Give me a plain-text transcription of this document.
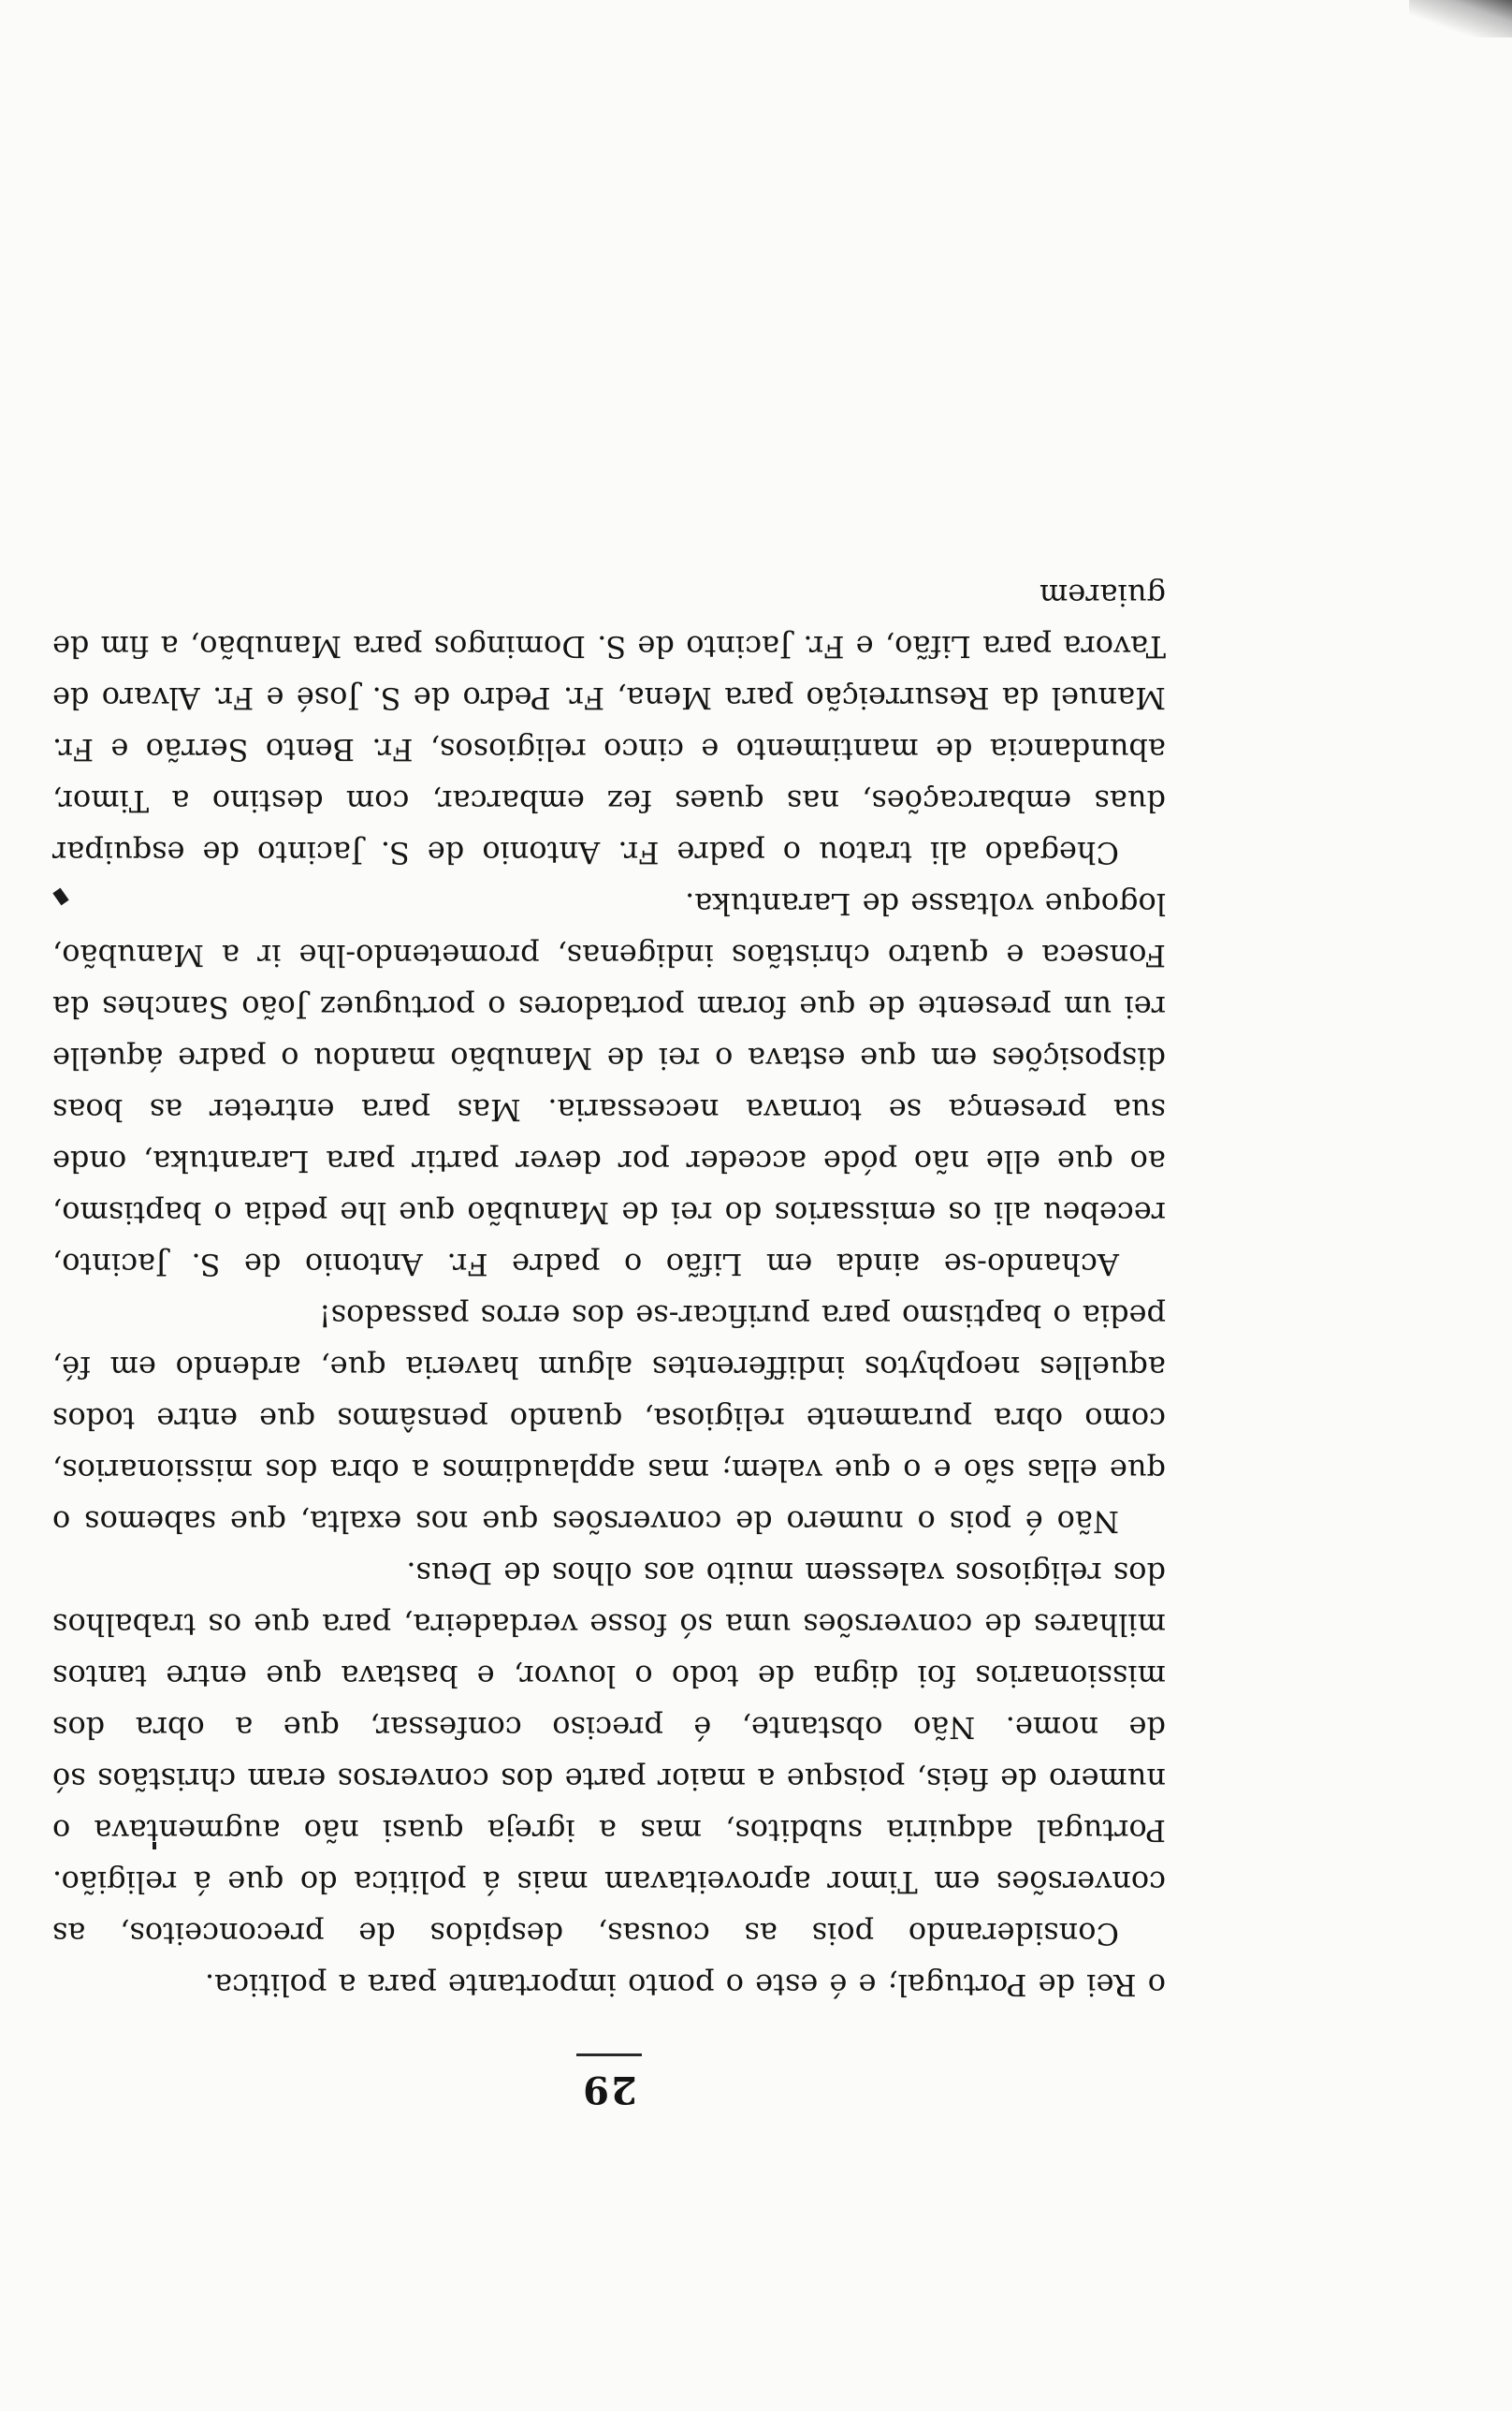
29

o Rei de Portugal; e é este o ponto importante para a politica.

Considerando pois as cousas, despidos de preconceitos, as conversões em Timor aproveitavam mais á politica do que á religião. Portugal adquiria subditos, mas a igreja quasi não augmentava o numero de fieis, poisque a maior parte dos conversos eram christãos só de nome. Não obstante, é preciso confessar, que a obra dos missionarios foi digna de todo o louvor, e bastava que entre tantos milhares de conversões uma só fosse verdadeira, para que os trabalhos dos religiosos valessem muito aos olhos de Deus.

Não é pois o numero de conversões que nos exalta, que sabemos o que ellas são e o que valem; mas applaudimos a obra dos missionarios, como obra puramente religiosa, quando pensâmos que entre todos aquelles neophytos indifferentes algum haveria que, ardendo em fé, pedia o baptismo para purificar-se dos erros passados!

Achando-se ainda em Lifão o padre Fr. Antonio de S. Jacinto, recebeu ali os emissarios do rei de Manubão que lhe pedia o baptismo, ao que elle não póde acceder por dever partir para Larantuka, onde sua presença se tornava necessaria. Mas para entreter as boas disposições em que estava o rei de Manubão mandou o padre áquelle rei um presente de que foram portadores o portuguez João Sanches da Fonseca e quatro christãos indigenas, prometendo-lhe ir a Manubão, logoque voltasse de Larantuka.

Chegado ali tratou o padre Fr. Antonio de S. Jacinto de esquipar duas embarcações, nas quaes fez embarcar, com destino a Timor, abundancia de mantimento e cinco religiosos, Fr. Bento Serrão e Fr. Manuel da Resurreição para Mena, Fr. Pedro de S. José e Fr. Alvaro de Tavora para Lifão, e Fr. Jacinto de S. Domingos para Manubão, a fim de guiarem
